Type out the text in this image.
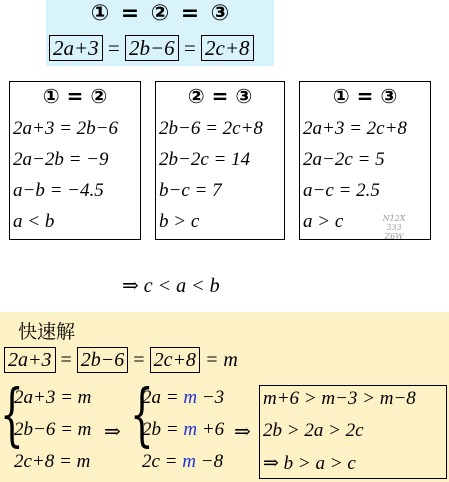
① = ② = ③
2a+3 = 2b−6 = 2c+8
① = ②
2a+3 = 2b−6
2a−2b = −9
a−b = −4.5
a < b
② = ③
2b−6 = 2c+8
2b−2c = 14
b−c = 7
b > c
① = ③
2a+3 = 2c+8
2a−2c = 5
a−c = 2.5
a > c	N12X
333
Z6W
⇒ c < a < b
快速解
2a+3 = 2b−6 = 2c+8 = m
{
2a+3 = m
2b−6 = m
2c+8 = m
⇒ {
2a = m −3
2b = m +6
2c = m −8
⇒
m+6 > m−3 > m−8
2b > 2a > 2c
⇒ b > a > c
